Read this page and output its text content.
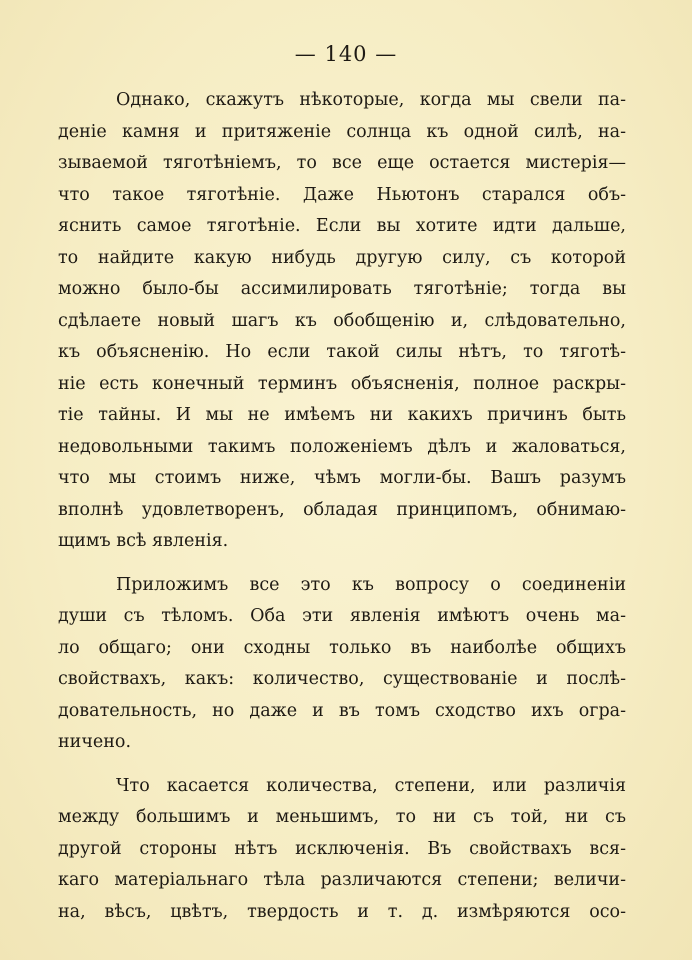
— 140 —
Однако, скажутъ нѣкоторые, когда мы свели па-
деніе камня и притяженіе солнца къ одной силѣ, на-
зываемой тяготѣніемъ, то все еще остается мистерія—
что такое тяготѣніе. Даже Ньютонъ старался объ-
яснить самое тяготѣніе. Если вы хотите идти дальше,
то найдите какую нибудь другую силу, съ которой
можно было-бы ассимилировать тяготѣніе; тогда вы
сдѣлаете новый шагъ къ обобщенію и, слѣдовательно,
къ объясненію. Но если такой силы нѣтъ, то тяготѣ-
ніе есть конечный терминъ объясненія, полное раскры-
тіе тайны. И мы не имѣемъ ни какихъ причинъ быть
недовольными такимъ положеніемъ дѣлъ и жаловаться,
что мы стоимъ ниже, чѣмъ могли-бы. Вашъ разумъ
вполнѣ удовлетворенъ, обладая принципомъ, обнимаю-
щимъ всѣ явленія.
Приложимъ все это къ вопросу о соединеніи
души съ тѣломъ. Оба эти явленія имѣютъ очень ма-
ло общаго; они сходны только въ наиболѣе общихъ
свойствахъ, какъ: количество, существованіе и послѣ-
довательность, но даже и въ томъ сходство ихъ огра-
ничено.
Что касается количества, степени, или различія
между большимъ и меньшимъ, то ни съ той, ни съ
другой стороны нѣтъ исключенія. Въ свойствахъ вся-
каго матеріальнаго тѣла различаются степени; величи-
на, вѣсъ, цвѣтъ, твердость и т. д. измѣряются осо-
